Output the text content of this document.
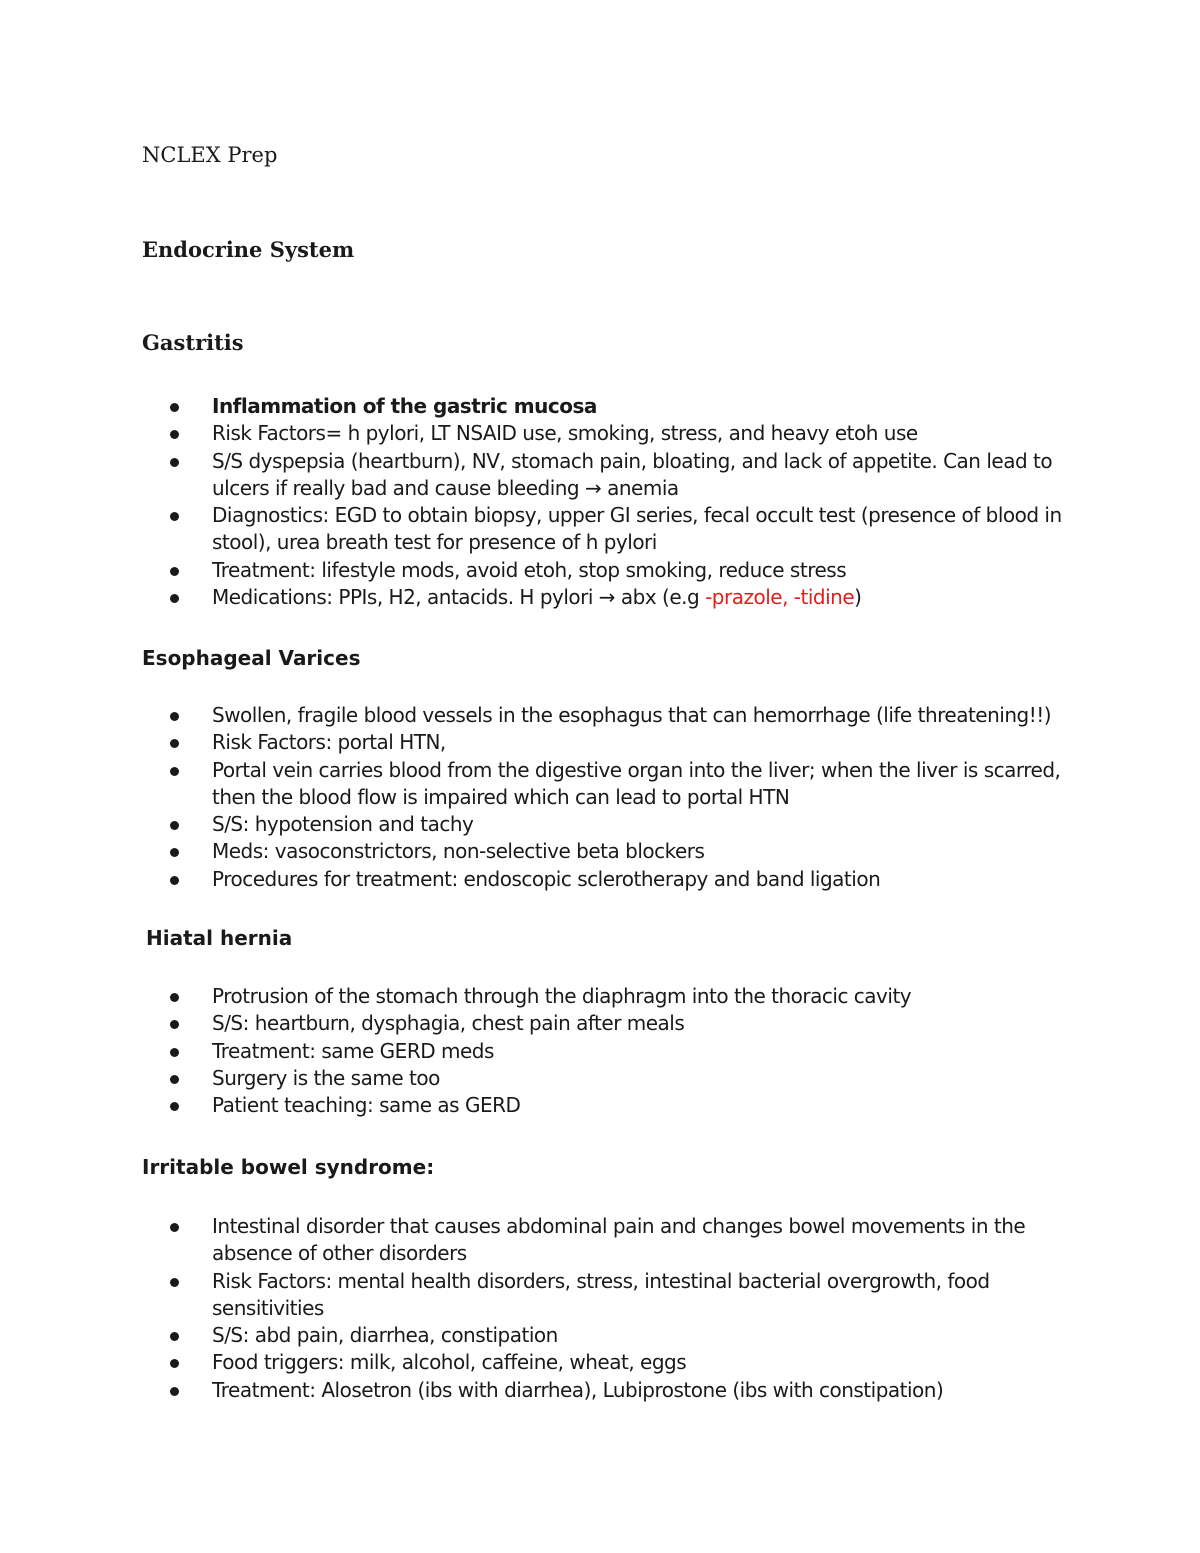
NCLEX Prep
Endocrine System
Gastritis
Inflammation of the gastric mucosa
Risk Factors= h pylori, LT NSAID use, smoking, stress, and heavy etoh use
S/S dyspepsia (heartburn), NV, stomach pain, bloating, and lack of appetite. Can lead to ulcers if really bad and cause bleeding → anemia
Diagnostics: EGD to obtain biopsy, upper GI series, fecal occult test (presence of blood in stool), urea breath test for presence of h pylori
Treatment: lifestyle mods, avoid etoh, stop smoking, reduce stress
Medications: PPIs, H2, antacids. H pylori → abx (e.g -prazole, -tidine)
Esophageal Varices
Swollen, fragile blood vessels in the esophagus that can hemorrhage (life threatening!!)
Risk Factors: portal HTN,
Portal vein carries blood from the digestive organ into the liver; when the liver is scarred, then the blood flow is impaired which can lead to portal HTN
S/S: hypotension and tachy
Meds: vasoconstrictors, non-selective beta blockers
Procedures for treatment: endoscopic sclerotherapy and band ligation
Hiatal hernia
Protrusion of the stomach through the diaphragm into the thoracic cavity
S/S: heartburn, dysphagia, chest pain after meals
Treatment: same GERD meds
Surgery is the same too
Patient teaching: same as GERD
Irritable bowel syndrome:
Intestinal disorder that causes abdominal pain and changes bowel movements in the absence of other disorders
Risk Factors: mental health disorders, stress, intestinal bacterial overgrowth, food sensitivities
S/S: abd pain, diarrhea, constipation
Food triggers: milk, alcohol, caffeine, wheat, eggs
Treatment: Alosetron (ibs with diarrhea), Lubiprostone (ibs with constipation)
